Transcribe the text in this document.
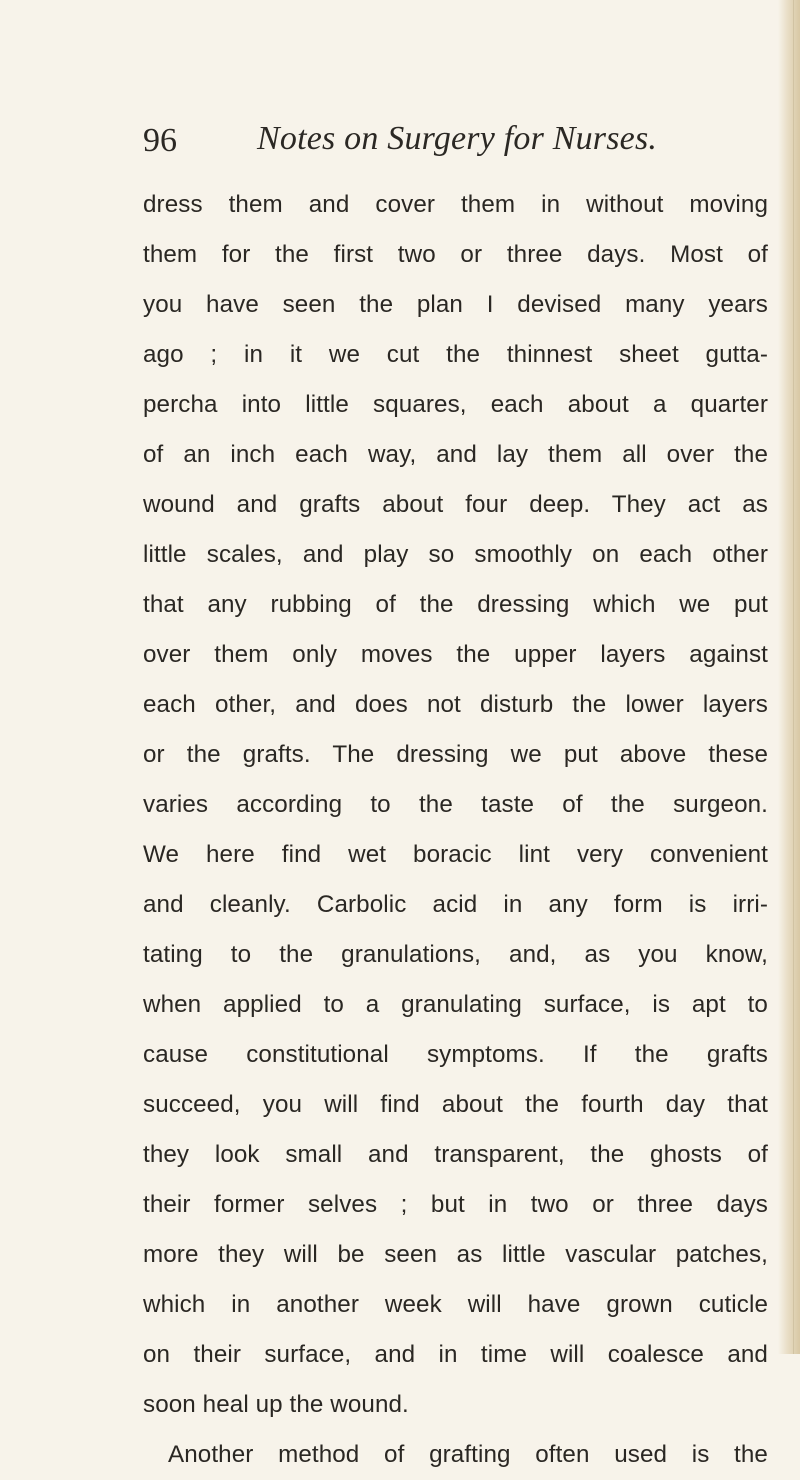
96 Notes on Surgery for Nurses.
dress them and cover them in without moving
them for the first two or three days. Most of
you have seen the plan I devised many years
ago ; in it we cut the thinnest sheet gutta-
percha into little squares, each about a quarter
of an inch each way, and lay them all over the
wound and grafts about four deep. They act as
little scales, and play so smoothly on each other
that any rubbing of the dressing which we put
over them only moves the upper layers against
each other, and does not disturb the lower layers
or the grafts. The dressing we put above these
varies according to the taste of the surgeon.
We here find wet boracic lint very convenient
and cleanly. Carbolic acid in any form is irri-
tating to the granulations, and, as you know,
when applied to a granulating surface, is apt to
cause constitutional symptoms. If the grafts
succeed, you will find about the fourth day that
they look small and transparent, the ghosts of
their former selves ; but in two or three days
more they will be seen as little vascular patches,
which in another week will have grown cuticle
on their surface, and in time will coalesce and
soon heal up the wound.
Another method of grafting often used is the
